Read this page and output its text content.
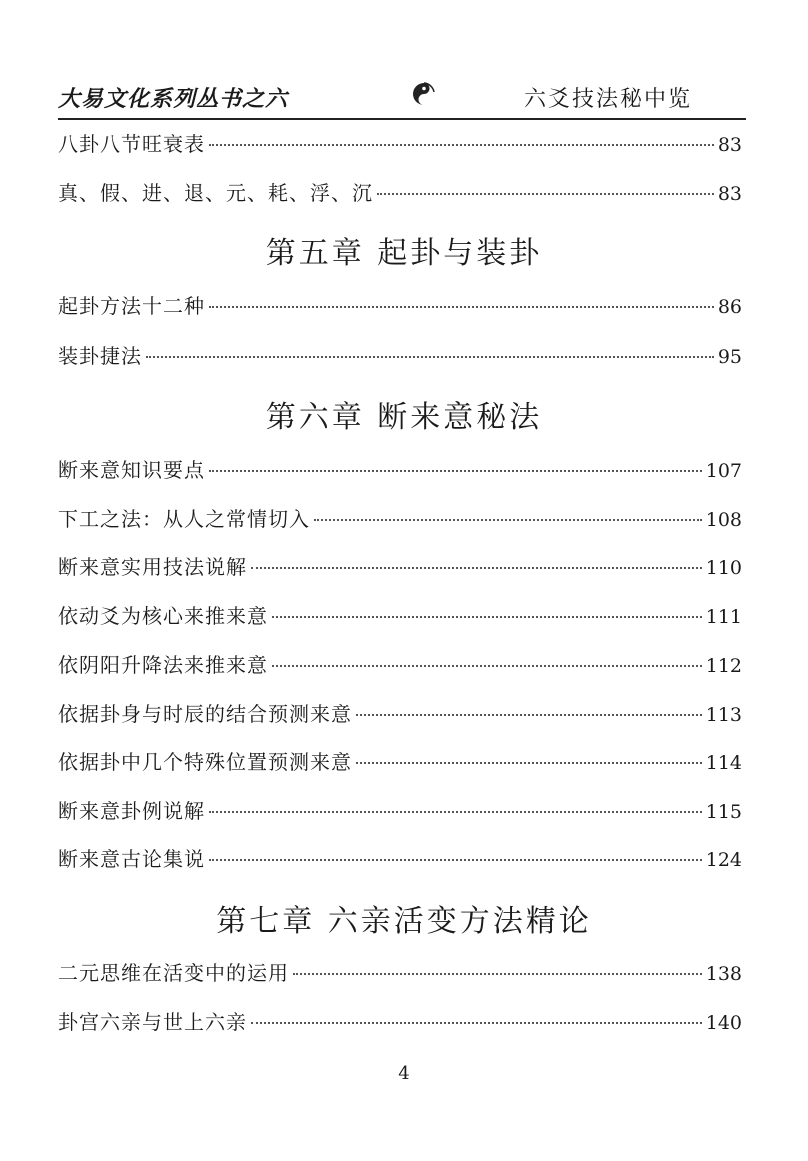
大易文化系列丛书之六	六爻技法秘中览
八卦八节旺衰表	83
真、假、进、退、元、耗、浮、沉	83
第五章 起卦与装卦
起卦方法十二种	86
装卦捷法	95
第六章 断来意秘法
断来意知识要点	107
下工之法：从人之常情切入	108
断来意实用技法说解	110
依动爻为核心来推来意	111
依阴阳升降法来推来意	112
依据卦身与时辰的结合预测来意	113
依据卦中几个特殊位置预测来意	114
断来意卦例说解	115
断来意古论集说	124
第七章 六亲活变方法精论
二元思维在活变中的运用	138
卦宫六亲与世上六亲	140
4
